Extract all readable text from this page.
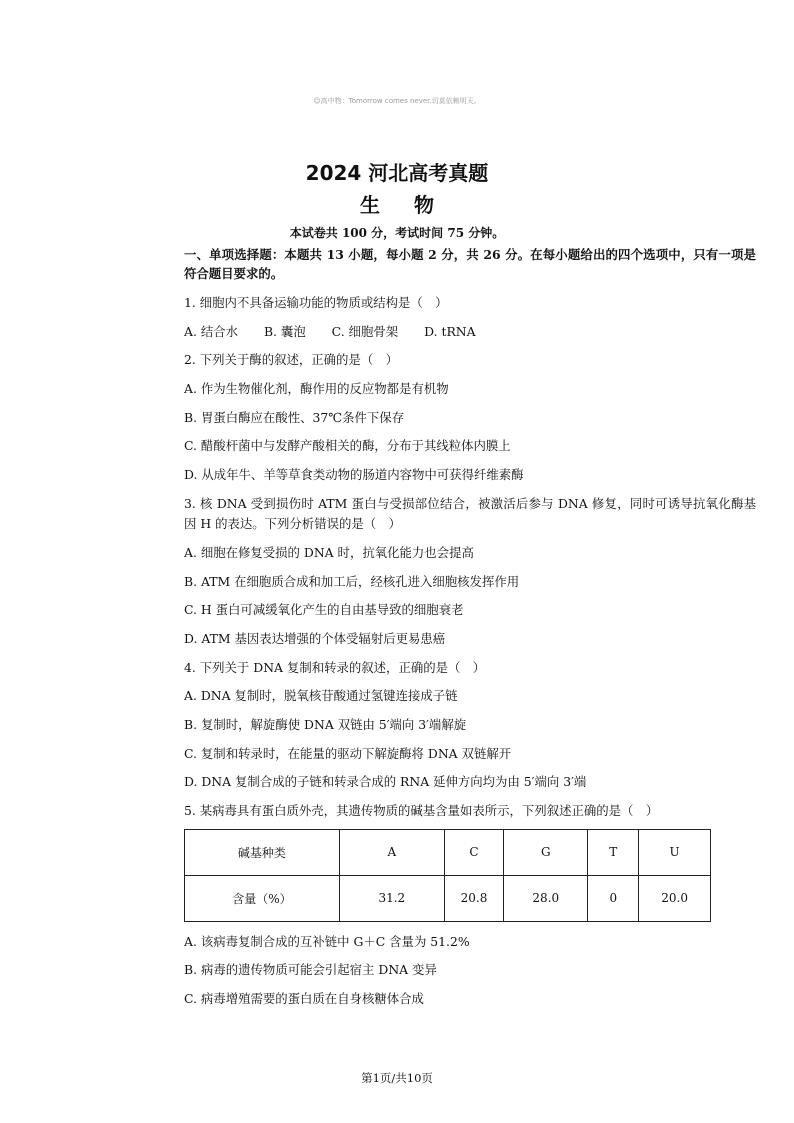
☺高中物：Tomorrow comes never.切莫依赖明天。
2024 河北高考真题
生物
本试卷共 100 分，考试时间 75 分钟。
一、单项选择题：本题共 13 小题，每小题 2 分，共 26 分。在每小题给出的四个选项中，只有一项是符合题目要求的。
1. 细胞内不具备运输功能的物质或结构是（　）
A. 结合水 B. 囊泡 C. 细胞骨架 D. tRNA
2. 下列关于酶的叙述，正确的是（　）
A. 作为生物催化剂，酶作用的反应物都是有机物
B. 胃蛋白酶应在酸性、37℃条件下保存
C. 醋酸杆菌中与发酵产酸相关的酶，分布于其线粒体内膜上
D. 从成年牛、羊等草食类动物的肠道内容物中可获得纤维素酶
3. 核 DNA 受到损伤时 ATM 蛋白与受损部位结合，被激活后参与 DNA 修复，同时可诱导抗氧化酶基因 H 的表达。下列分析错误的是（　）
A. 细胞在修复受损的 DNA 时，抗氧化能力也会提高
B. ATM 在细胞质合成和加工后，经核孔进入细胞核发挥作用
C. H 蛋白可减缓氧化产生的自由基导致的细胞衰老
D. ATM 基因表达增强的个体受辐射后更易患癌
4. 下列关于 DNA 复制和转录的叙述，正确的是（　）
A. DNA 复制时，脱氧核苷酸通过氢键连接成子链
B. 复制时，解旋酶使 DNA 双链由 5′端向 3′端解旋
C. 复制和转录时，在能量的驱动下解旋酶将 DNA 双链解开
D. DNA 复制合成的子链和转录合成的 RNA 延伸方向均为由 5′端向 3′端
5. 某病毒具有蛋白质外壳，其遗传物质的碱基含量如表所示，下列叙述正确的是（　）
碱基种类	A	C	G	T	U
含量（%）	31.2	20.8	28.0	0	20.0
A. 该病毒复制合成的互补链中 G＋C 含量为 51.2%
B. 病毒的遗传物质可能会引起宿主 DNA 变异
C. 病毒增殖需要的蛋白质在自身核糖体合成
第1页/共10页
